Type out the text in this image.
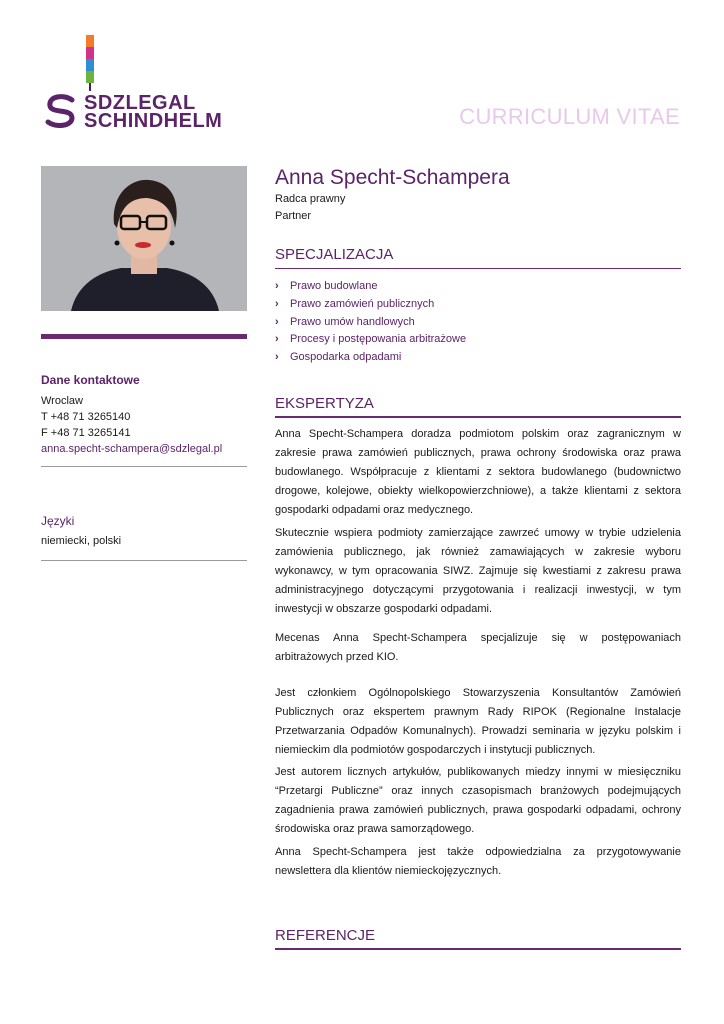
SDZLEGAL
SCHINDHELM	CURRICULUM VITAE
Dane kontaktowe
Wroclaw
T +48 71 3265140
F +48 71 3265141
anna.specht-schampera@sdzlegal.pl
Języki
niemiecki, polski
Anna Specht-Schampera
Radca prawny
Partner
SPECJALIZACJA
› Prawo budowlane
› Prawo zamówień publicznych
› Prawo umów handlowych
› Procesy i postępowania arbitrażowe
› Gospodarka odpadami
EKSPERTYZA

Anna Specht-Schampera doradza podmiotom polskim oraz zagranicznym w zakresie prawa zamówień publicznych, prawa ochrony środowiska oraz prawa budowlanego. Współpracuje z klientami z sektora budowlanego (budownictwo drogowe, kolejowe, obiekty wielkopowierzchniowe), a także klientami z sektora gospodarki odpadami oraz medycznego.

Skutecznie wspiera podmioty zamierzające zawrzeć umowy w trybie udzielenia zamówienia publicznego, jak również zamawiających w zakresie wyboru wykonawcy, w tym opracowania SIWZ. Zajmuje się kwestiami z zakresu prawa administracyjnego dotyczącymi przygotowania i realizacji inwestycji, w tym inwestycji w obszarze gospodarki odpadami.

Mecenas Anna Specht-Schampera specjalizuje się w postępowaniach arbitrażowych przed KIO.

Jest członkiem Ogólnopolskiego Stowarzyszenia Konsultantów Zamówień Publicznych oraz ekspertem prawnym Rady RIPOK (Regionalne Instalacje Przetwarzania Odpadów Komunalnych). Prowadzi seminaria w języku polskim i niemieckim dla podmiotów gospodarczych i instytucji publicznych.

Jest autorem licznych artykułów, publikowanych miedzy innymi w miesięczniku “Przetargi Publiczne” oraz innych czasopismach branżowych podejmujących zagadnienia prawa zamówień publicznych, prawa gospodarki odpadami, ochrony środowiska oraz prawa samorządowego.

Anna Specht-Schampera jest także odpowiedzialna za przygotowywanie newslettera dla klientów niemieckojęzycznych.

REFERENCJE
